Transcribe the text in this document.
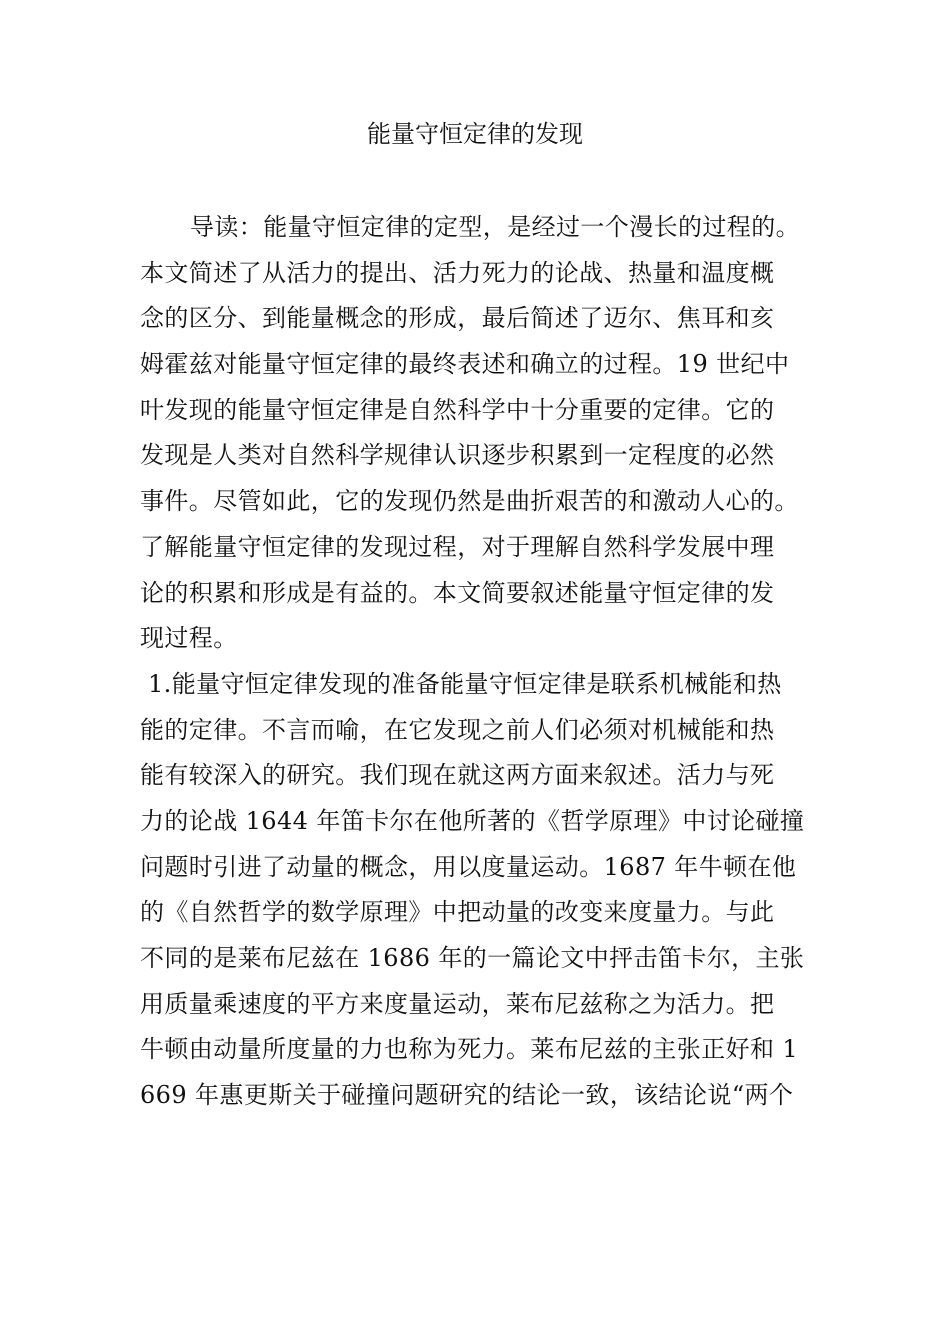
能量守恒定律的发现
导读：能量守恒定律的定型，是经过一个漫长的过程的。
本文简述了从活力的提出、活力死力的论战、热量和温度概
念的区分、到能量概念的形成，最后简述了迈尔、焦耳和亥
姆霍兹对能量守恒定律的最终表述和确立的过程。19 世纪中
叶发现的能量守恒定律是自然科学中十分重要的定律。它的
发现是人类对自然科学规律认识逐步积累到一定程度的必然
事件。尽管如此，它的发现仍然是曲折艰苦的和激动人心的。
了解能量守恒定律的发现过程，对于理解自然科学发展中理
论的积累和形成是有益的。本文简要叙述能量守恒定律的发
现过程。
1.能量守恒定律发现的准备能量守恒定律是联系机械能和热
能的定律。不言而喻，在它发现之前人们必须对机械能和热
能有较深入的研究。我们现在就这两方面来叙述。活力与死
力的论战 1644 年笛卡尔在他所著的《哲学原理》中讨论碰撞
问题时引进了动量的概念，用以度量运动。1687 年牛顿在他
的《自然哲学的数学原理》中把动量的改变来度量力。与此
不同的是莱布尼兹在 1686 年的一篇论文中抨击笛卡尔，主张
用质量乘速度的平方来度量运动，莱布尼兹称之为活力。把
牛顿由动量所度量的力也称为死力。莱布尼兹的主张正好和 1
669 年惠更斯关于碰撞问题研究的结论一致，该结论说“两个
